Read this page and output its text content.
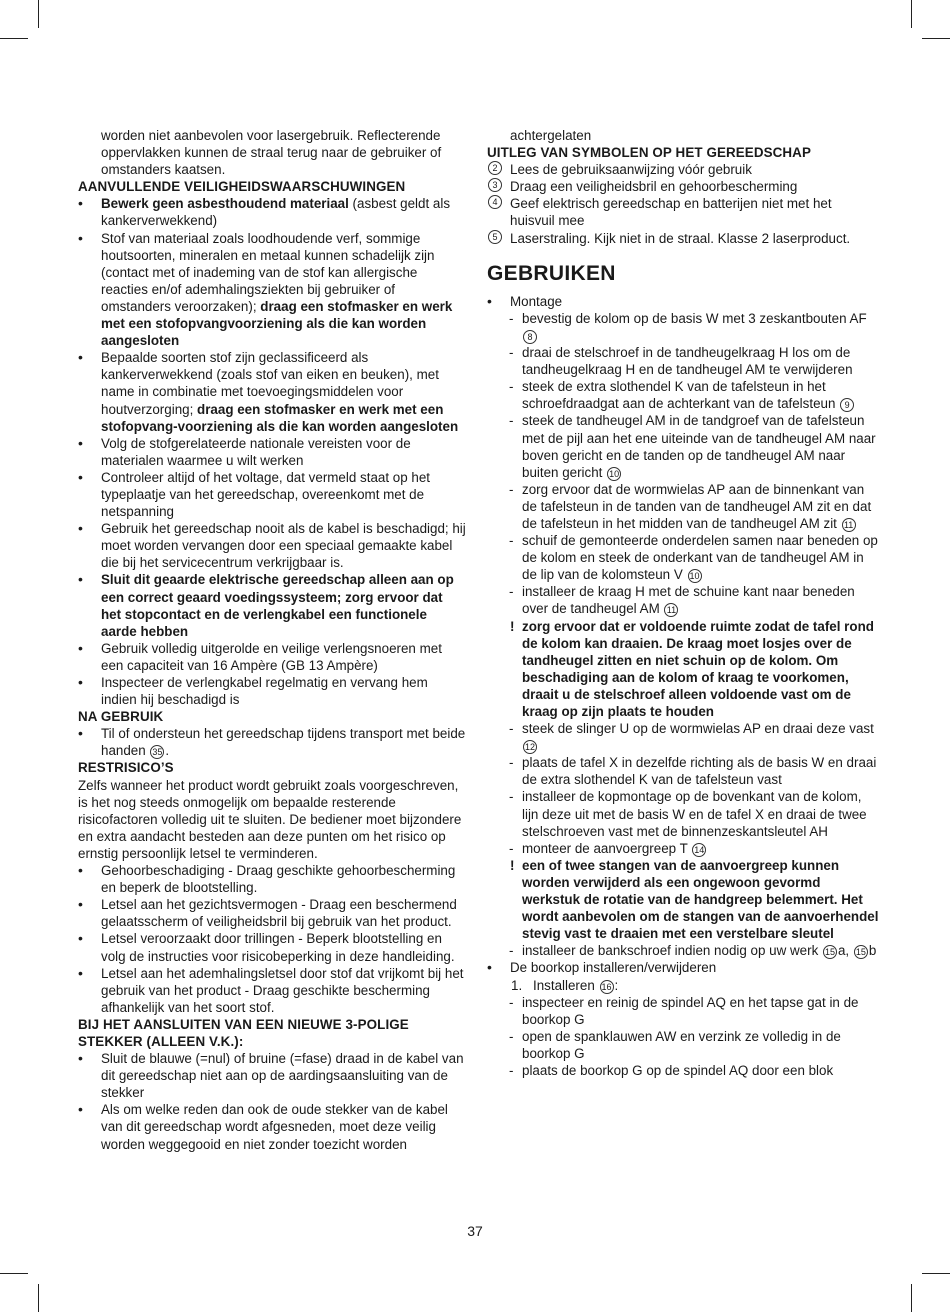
worden niet aanbevolen voor lasergebruik. Reflecterende oppervlakken kunnen de straal terug naar de gebruiker of omstanders kaatsen.

AANVULLENDE VEILIGHEIDSWAARSCHUWINGEN

• Bewerk geen asbesthoudend materiaal (asbest geldt als kankerverwekkend)

• Stof van materiaal zoals loodhoudende verf, sommige houtsoorten, mineralen en metaal kunnen schadelijk zijn (contact met of inademing van de stof kan allergische reacties en/of ademhalingsziekten bij gebruiker of omstanders veroorzaken); draag een stofmasker en werk met een stofopvangvoorziening als die kan worden aangesloten

• Bepaalde soorten stof zijn geclassificeerd als kankerverwekkend (zoals stof van eiken en beuken), met name in combinatie met toevoegingsmiddelen voor houtverzorging; draag een stofmasker en werk met een stofopvang-voorziening als die kan worden aangesloten

• Volg de stofgerelateerde nationale vereisten voor de materialen waarmee u wilt werken

• Controleer altijd of het voltage, dat vermeld staat op het typeplaatje van het gereedschap, overeenkomt met de netspanning

• Gebruik het gereedschap nooit als de kabel is beschadigd; hij moet worden vervangen door een speciaal gemaakte kabel die bij het servicecentrum verkrijgbaar is.

• Sluit dit geaarde elektrische gereedschap alleen aan op een correct geaard voedingssysteem; zorg ervoor dat het stopcontact en de verlengkabel een functionele aarde hebben

• Gebruik volledig uitgerolde en veilige verlengsnoeren met een capaciteit van 16 Ampère (GB 13 Ampère)

• Inspecteer de verlengkabel regelmatig en vervang hem indien hij beschadigd is

NA GEBRUIK

• Til of ondersteun het gereedschap tijdens transport met beide handen 35 .

RESTRISICO’S

Zelfs wanneer het product wordt gebruikt zoals voorgeschreven, is het nog steeds onmogelijk om bepaalde resterende risicofactoren volledig uit te sluiten. De bediener moet bijzondere en extra aandacht besteden aan deze punten om het risico op ernstig persoonlijk letsel te verminderen.

• Gehoorbeschadiging - Draag geschikte gehoorbescherming en beperk de blootstelling.

• Letsel aan het gezichtsvermogen - Draag een beschermend gelaatsscherm of veiligheidsbril bij gebruik van het product.

• Letsel veroorzaakt door trillingen - Beperk blootstelling en volg de instructies voor risicobeperking in deze handleiding.

• Letsel aan het ademhalingsletsel door stof dat vrijkomt bij het gebruik van het product - Draag geschikte bescherming afhankelijk van het soort stof.

BIJ HET AANSLUITEN VAN EEN NIEUWE 3-POLIGE STEKKER (ALLEEN V.K.):

• Sluit de blauwe (=nul) of bruine (=fase) draad in de kabel van dit gereedschap niet aan op de aardingsaansluiting van de stekker

• Als om welke reden dan ook de oude stekker van de kabel van dit gereedschap wordt afgesneden, moet deze veilig worden weggegooid en niet zonder toezicht worden

achtergelaten

UITLEG VAN SYMBOLEN OP HET GEREEDSCHAP

2 Lees de gebruiksaanwijzing vóór gebruik

3 Draag een veiligheidsbril en gehoorbescherming

4 Geef elektrisch gereedschap en batterijen niet met het huisvuil mee

5 Laserstraling. Kijk niet in de straal. Klasse 2 laserproduct.

GEBRUIKEN

• Montage

- bevestig de kolom op de basis W met 3 zeskantbouten AF 8

- draai de stelschroef in de tandheugelkraag H los om de tandheugelkraag H en de tandheugel AM te verwijderen

- steek de extra slothendel K van de tafelsteun in het schroefdraadgat aan de achterkant van de tafelsteun 9

- steek de tandheugel AM in de tandgroef van de tafelsteun met de pijl aan het ene uiteinde van de tandheugel AM naar boven gericht en de tanden op de tandheugel AM naar buiten gericht 10

- zorg ervoor dat de wormwielas AP aan de binnenkant van de tafelsteun in de tanden van de tandheugel AM zit en dat de tafelsteun in het midden van de tandheugel AM zit 11

- schuif de gemonteerde onderdelen samen naar beneden op de kolom en steek de onderkant van de tandheugel AM in de lip van de kolomsteun V 10

- installeer de kraag H met de schuine kant naar beneden over de tandheugel AM 11

! zorg ervoor dat er voldoende ruimte zodat de tafel rond de kolom kan draaien. De kraag moet losjes over de tandheugel zitten en niet schuin op de kolom. Om beschadiging aan de kolom of kraag te voorkomen, draait u de stelschroef alleen voldoende vast om de kraag op zijn plaats te houden

- steek de slinger U op de wormwielas AP en draai deze vast 12

- plaats de tafel X in dezelfde richting als de basis W en draai de extra slothendel K van de tafelsteun vast

- installeer de kopmontage op de bovenkant van de kolom, lijn deze uit met de basis W en de tafel X en draai de twee stelschroeven vast met de binnenzeskantsleutel AH

- monteer de aanvoergreep T 14

! een of twee stangen van de aanvoergreep kunnen worden verwijderd als een ongewoon gevormd werkstuk de rotatie van de handgreep belemmert. Het wordt aanbevolen om de stangen van de aanvoerhendel stevig vast te draaien met een verstelbare sleutel

- installeer de bankschroef indien nodig op uw werk 15 a, 15 b

• De boorkop installeren/verwijderen

1. Installeren 16 :

- inspecteer en reinig de spindel AQ en het tapse gat in de boorkop G

- open de spanklauwen AW en verzink ze volledig in de boorkop G

- plaats de boorkop G op de spindel AQ door een blok

37
